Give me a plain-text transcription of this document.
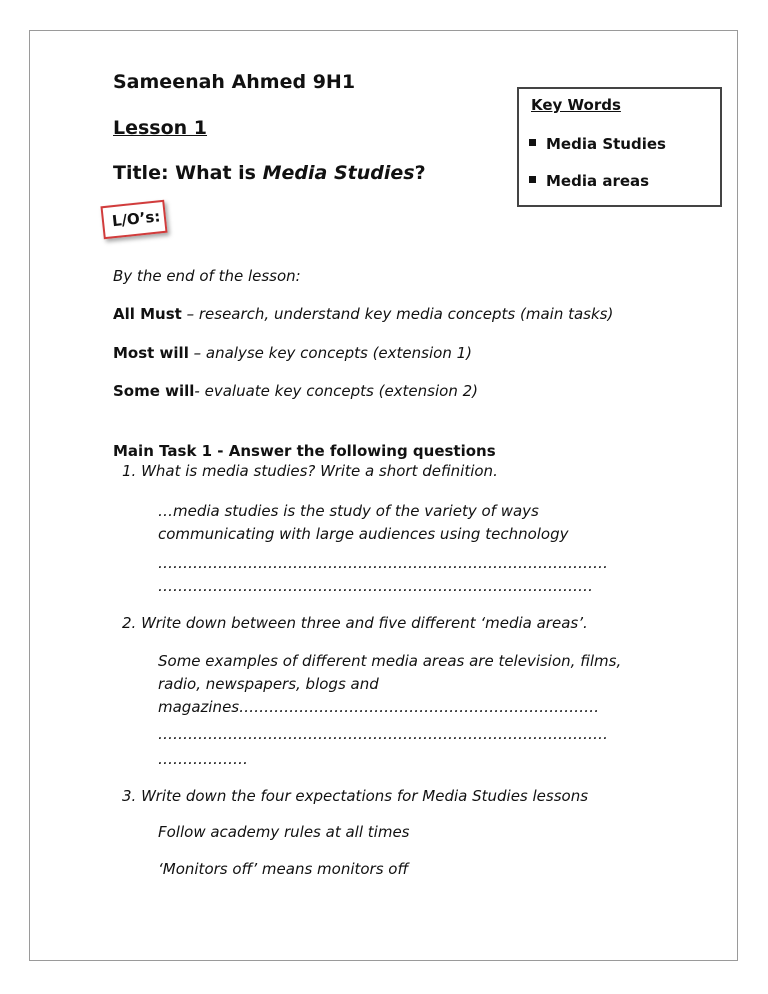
Sameenah Ahmed 9H1
Lesson 1
Title: What is Media Studies?
Key Words
Media Studies
Media areas
L/O’s:
By the end of the lesson:
All Must – research, understand key media concepts (main tasks)
Most will – analyse key concepts (extension 1)
Some will- evaluate key concepts (extension 2)
Main Task 1 - Answer the following questions
1. What is media studies? Write a short definition.
…media studies is the study of the variety of ways
communicating with large audiences using technology
………………………………………………………………………………
……………………………………………………………………………
2. Write down between three and five different ‘media areas’.
Some examples of different media areas are television, films,
radio, newspapers, blogs and
magazines………………………………………………………………
………………………………………………………………………………
………………
3. Write down the four expectations for Media Studies lessons
Follow academy rules at all times
‘Monitors off’ means monitors off
